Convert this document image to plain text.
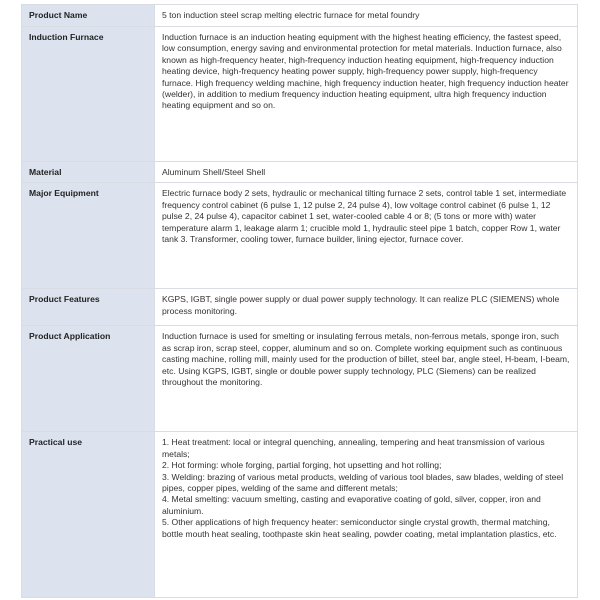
Product Name	5 ton induction steel scrap melting electric furnace for metal foundry
Induction Furnace	Induction furnace is an induction heating equipment with the highest heating efficiency, the fastest speed, low consumption, energy saving and environmental protection for metal materials. Induction furnace, also known as high-frequency heater, high-frequency induction heating equipment, high-frequency induction heating device, high-frequency heating power supply, high-frequency power supply, high-frequency furnace. High frequency welding machine, high frequency induction heater, high frequency induction heater (welder), in addition to medium frequency induction heating equipment, ultra high frequency induction heating equipment and so on.
Material	Aluminum Shell/Steel Shell
Major Equipment	Electric furnace body 2 sets, hydraulic or mechanical tilting furnace 2 sets, control table 1 set, intermediate frequency control cabinet (6 pulse 1, 12 pulse 2, 24 pulse 4), low voltage control cabinet (6 pulse 1, 12 pulse 2, 24 pulse 4), capacitor cabinet 1 set, water-cooled cable 4 or 8; (5 tons or more with) water temperature alarm 1, leakage alarm 1; crucible mold 1, hydraulic steel pipe 1 batch, copper Row 1, water tank 3. Transformer, cooling tower, furnace builder, lining ejector, furnace cover.
Product Features	KGPS, IGBT, single power supply or dual power supply technology. It can realize PLC (SIEMENS) whole process monitoring.
Product Application	Induction furnace is used for smelting or insulating ferrous metals, non-ferrous metals, sponge iron, such as scrap iron, scrap steel, copper, aluminum and so on. Complete working equipment such as continuous casting machine, rolling mill, mainly used for the production of billet, steel bar, angle steel, H-beam, I-beam, etc. Using KGPS, IGBT, single or double power supply technology, PLC (Siemens) can be realized throughout the monitoring.
Practical use	1. Heat treatment: local or integral quenching, annealing, tempering and heat transmission of various metals;
2. Hot forming: whole forging, partial forging, hot upsetting and hot rolling;
3. Welding: brazing of various metal products, welding of various tool blades, saw blades, welding of steel pipes, copper pipes, welding of the same and different metals;
4. Metal smelting: vacuum smelting, casting and evaporative coating of gold, silver, copper, iron and aluminium.
5. Other applications of high frequency heater: semiconductor single crystal growth, thermal matching, bottle mouth heat sealing, toothpaste skin heat sealing, powder coating, metal implantation plastics, etc.
